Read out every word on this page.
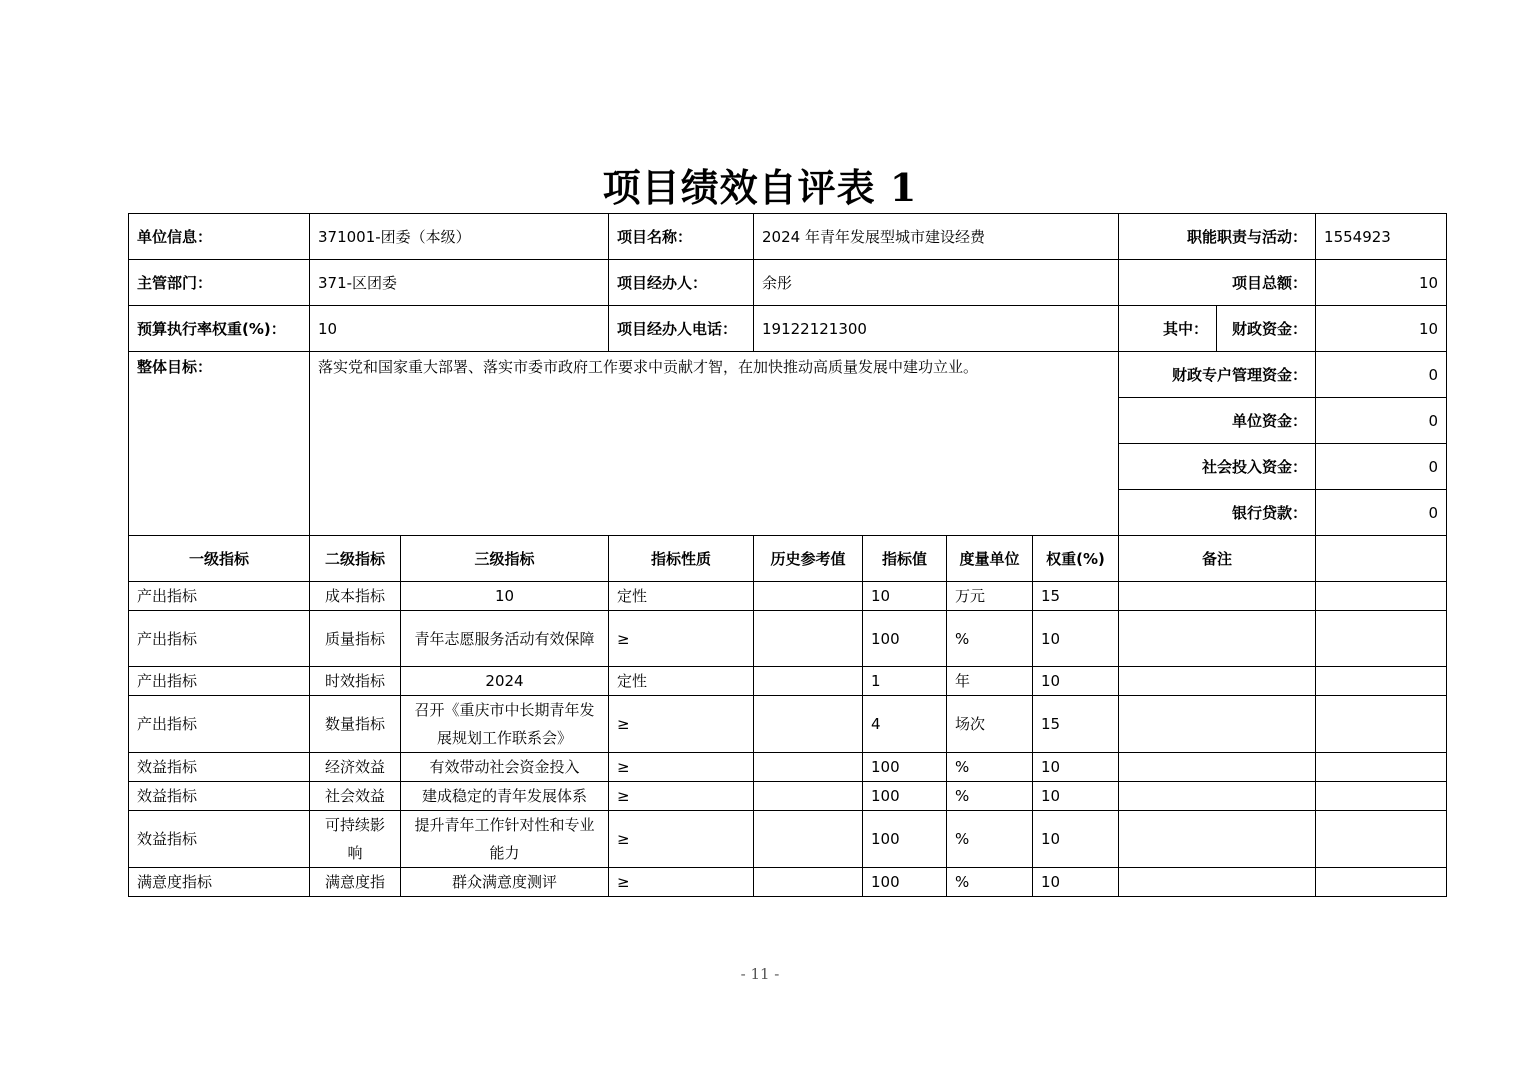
项目绩效自评表 1
单位信息：	371001-团委（本级）		项目名称：	2024 年青年发展型城市建设经费				职能职责与活动：		1554923
主管部门：	371-区团委		项目经办人：	余彤				项目总额：		10
预算执行率权重(%)：	10		项目经办人电话：	19122121300				其中：	财政资金：	10
整体目标：	落实党和国家重大部署、落实市委市政府工作要求中贡献才智，在加快推动高质量发展中建功立业。							财政专户管理资金：		0
								单位资金：		0
								社会投入资金：		0
								银行贷款：		0
一级指标	二级指标	三级指标	指标性质	历史参考值	指标值	度量单位	权重(%)	备注		
产出指标	成本指标	10	定性		10	万元	15			
产出指标	质量指标	青年志愿服务活动有效保障	≥		100	%	10			
产出指标	时效指标	2024	定性		1	年	10			
产出指标	数量指标	召开《重庆市中长期青年发展规划工作联系会》	≥		4	场次	15			
效益指标	经济效益	有效带动社会资金投入	≥		100	%	10			
效益指标	社会效益	建成稳定的青年发展体系	≥		100	%	10			
效益指标	可持续影响	提升青年工作针对性和专业能力	≥		100	%	10			
满意度指标	满意度指	群众满意度测评	≥		100	%	10			
- 11 -
